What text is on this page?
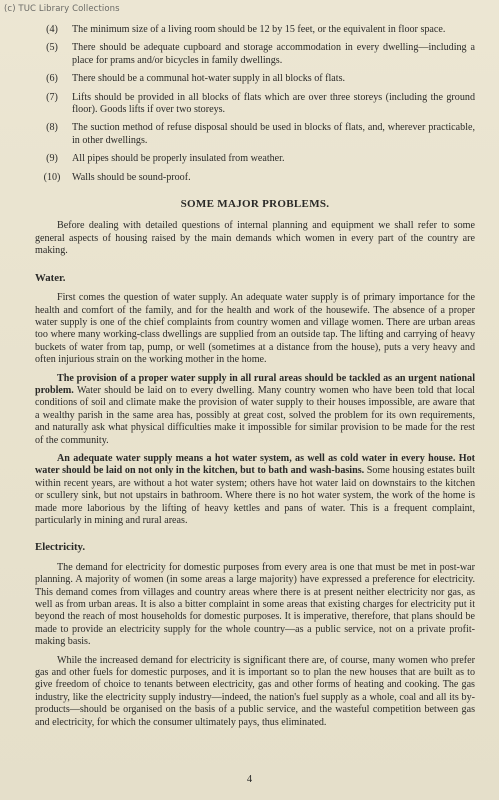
(c) TUC Library Collections
(4)	The minimum size of a living room should be 12 by 15 feet, or the equivalent in floor space.
(5)	There should be adequate cupboard and storage accommodation in every dwelling—including a place for prams and/or bicycles in family dwellings.
(6)	There should be a communal hot-water supply in all blocks of flats.
(7)	Lifts should be provided in all blocks of flats which are over three storeys (including the ground floor). Goods lifts if over two storeys.
(8)	The suction method of refuse disposal should be used in blocks of flats, and, wherever practicable, in other dwellings.
(9)	All pipes should be properly insulated from weather.
(10)	Walls should be sound-proof.
SOME MAJOR PROBLEMS.

Before dealing with detailed questions of internal planning and equipment we shall refer to some general aspects of housing raised by the main demands which women in every part of the country are making.

Water.

First comes the question of water supply. An adequate water supply is of primary importance for the health and comfort of the family, and for the health and work of the housewife. The absence of a proper water supply is one of the chief complaints from country women and village women. There are urban areas too where many working-class dwellings are supplied from an outside tap. The lifting and carrying of heavy buckets of water from tap, pump, or well (sometimes at a distance from the house), puts a very heavy and often injurious strain on the working mother in the home.

The provision of a proper water supply in all rural areas should be tackled as an urgent national problem. Water should be laid on to every dwelling. Many country women who have been told that local conditions of soil and climate make the provision of water supply to their houses impossible, are aware that a wealthy parish in the same area has, possibly at great cost, solved the problem for its own requirements, and naturally ask what physical difficulties make it impossible for similar provision to be made for the rest of the community.

An adequate water supply means a hot water system, as well as cold water in every house. Hot water should be laid on not only in the kitchen, but to bath and wash-basins. Some housing estates built within recent years, are without a hot water system; others have hot water laid on downstairs to the kitchen or scullery sink, but not upstairs in bathroom. Where there is no hot water system, the work of the home is made more laborious by the lifting of heavy kettles and pans of water. This is a frequent complaint, particularly in mining and rural areas.

Electricity.

The demand for electricity for domestic purposes from every area is one that must be met in post-war planning. A majority of women (in some areas a large majority) have expressed a preference for electricity. This demand comes from villages and country areas where there is at present neither electricity nor gas, as well as from urban areas. It is also a bitter complaint in some areas that existing charges for electricity put it beyond the reach of most households for domestic purposes. It is imperative, therefore, that plans should be made to provide an electricity supply for the whole country—as a public service, not on a private profit-making basis.

While the increased demand for electricity is significant there are, of course, many women who prefer gas and other fuels for domestic purposes, and it is important so to plan the new houses that are built as to give freedom of choice to tenants between electricity, gas and other forms of heating and cooking. The gas industry, like the electricity supply industry—indeed, the nation's fuel supply as a whole, coal and all its by-products—should be organised on the basis of a public service, and the wasteful competition between gas and electricity, for which the consumer ultimately pays, thus eliminated.

4
